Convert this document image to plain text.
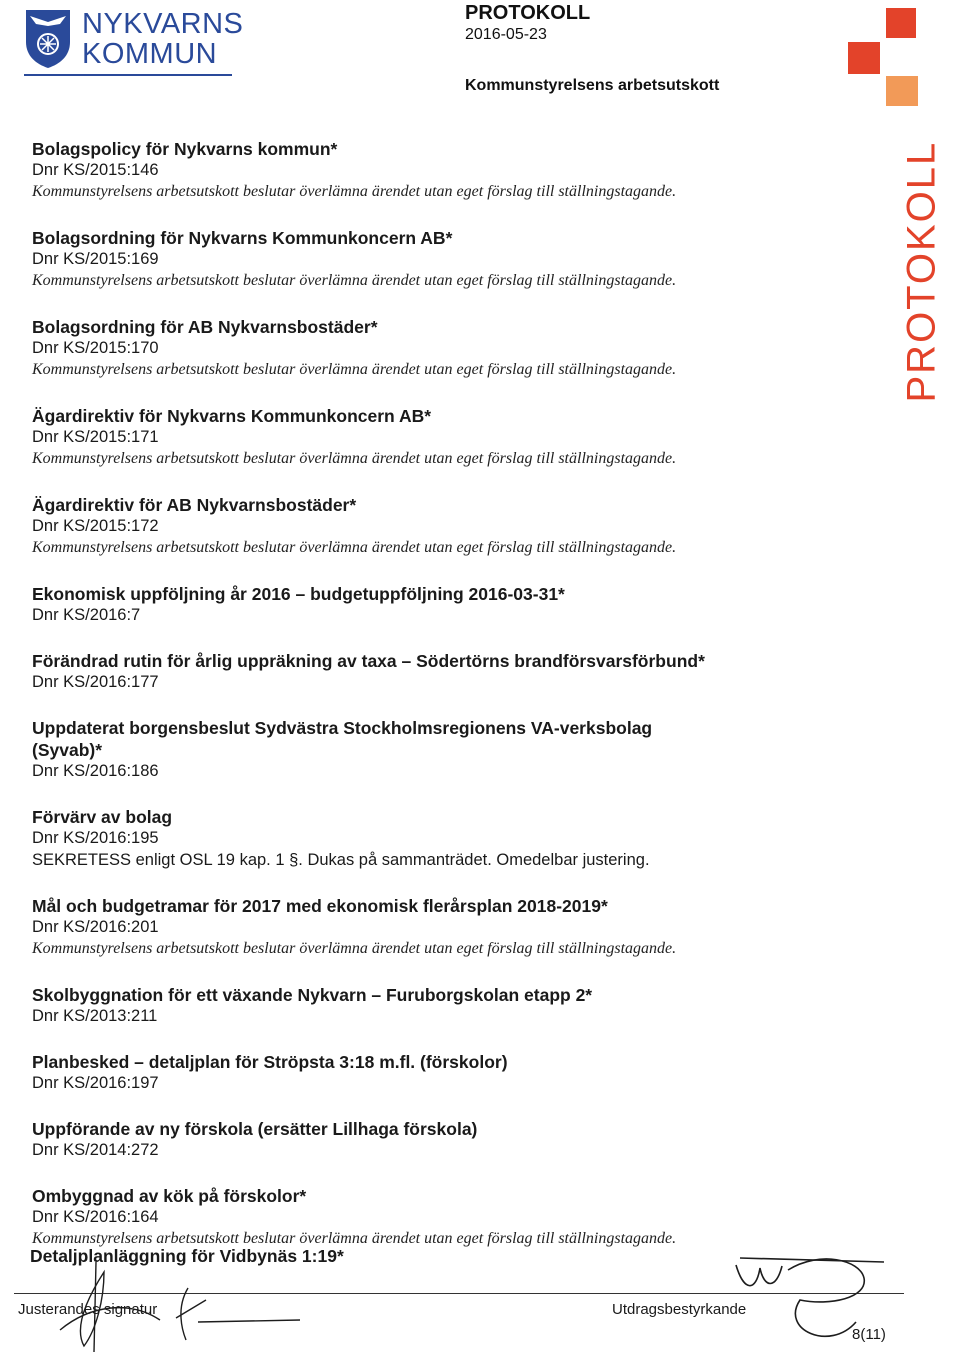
NYKVARNS
KOMMUN
PROTOKOLL
2016-05-23
Kommunstyrelsens arbetsutskott
PROTOKOLL
Bolagspolicy för Nykvarns kommun*
Dnr KS/2015:146
Kommunstyrelsens arbetsutskott beslutar överlämna ärendet utan eget förslag till ställningstagande.
Bolagsordning för Nykvarns Kommunkoncern AB*
Dnr KS/2015:169
Kommunstyrelsens arbetsutskott beslutar överlämna ärendet utan eget förslag till ställningstagande.
Bolagsordning för AB Nykvarnsbostäder*
Dnr KS/2015:170
Kommunstyrelsens arbetsutskott beslutar överlämna ärendet utan eget förslag till ställningstagande.
Ägardirektiv för Nykvarns Kommunkoncern AB*
Dnr KS/2015:171
Kommunstyrelsens arbetsutskott beslutar överlämna ärendet utan eget förslag till ställningstagande.
Ägardirektiv för AB Nykvarnsbostäder*
Dnr KS/2015:172
Kommunstyrelsens arbetsutskott beslutar överlämna ärendet utan eget förslag till ställningstagande.
Ekonomisk uppföljning år 2016 – budgetuppföljning 2016-03-31*
Dnr KS/2016:7
Förändrad rutin för årlig uppräkning av taxa – Södertörns brandförsvarsförbund*
Dnr KS/2016:177
Uppdaterat borgensbeslut Sydvästra Stockholmsregionens VA-verksbolag (Syvab)*
Dnr KS/2016:186
Förvärv av bolag
Dnr KS/2016:195
SEKRETESS enligt OSL 19 kap. 1 §. Dukas på sammanträdet. Omedelbar justering.
Mål och budgetramar för 2017 med ekonomisk flerårsplan 2018-2019*
Dnr KS/2016:201
Kommunstyrelsens arbetsutskott beslutar överlämna ärendet utan eget förslag till ställningstagande.
Skolbyggnation för ett växande Nykvarn – Furuborgskolan etapp 2*
Dnr KS/2013:211
Planbesked – detaljplan för Ströpsta 3:18 m.fl. (förskolor)
Dnr KS/2016:197
Uppförande av ny förskola (ersätter Lillhaga förskola)
Dnr KS/2014:272
Ombyggnad av kök på förskolor*
Dnr KS/2016:164
Kommunstyrelsens arbetsutskott beslutar överlämna ärendet utan eget förslag till ställningstagande.
Detaljplanläggning för Vidbynäs 1:19*
Justerandes signatur	Utdragsbestyrkande
8(11)
